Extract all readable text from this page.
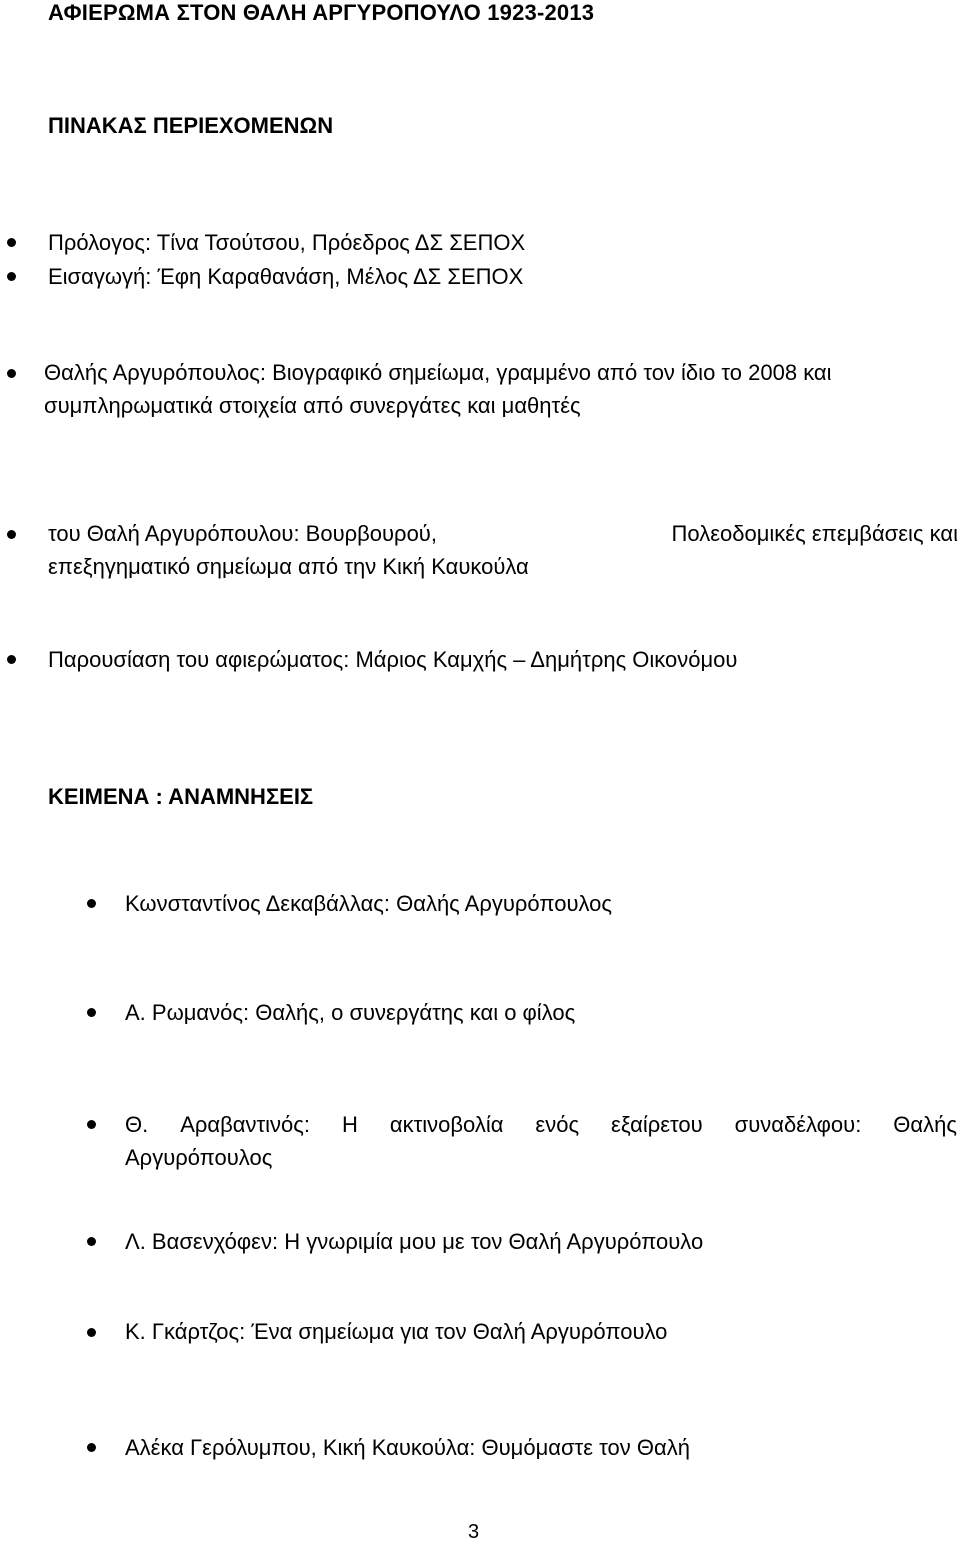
ΑΦΙΕΡΩΜΑ ΣΤΟΝ ΘΑΛΗ ΑΡΓΥΡΟΠΟΥΛΟ 1923-2013
ΠΙΝΑΚΑΣ ΠΕΡΙΕΧΟΜΕΝΩΝ
Πρόλογος: Τίνα Τσούτσου, Πρόεδρος ΔΣ ΣΕΠΟΧ
Εισαγωγή: Έφη Καραθανάση, Μέλος ΔΣ ΣΕΠΟΧ
Θαλής Αργυρόπουλος: Βιογραφικό σημείωμα, γραμμένο από τον ίδιο το 2008 και
συμπληρωματικά στοιχεία από συνεργάτες και μαθητές
του Θαλή Αργυρόπουλου: Βουρβουρού,	Πολεοδομικές επεμβάσεις και
επεξηγηματικό σημείωμα από την Κική Καυκούλα
Παρουσίαση του αφιερώματος: Μάριος Καμχής – Δημήτρης Οικονόμου
ΚΕΙΜΕΝΑ : ΑΝΑΜΝΗΣΕΙΣ
Κωνσταντίνος Δεκαβάλλας: Θαλής Αργυρόπουλος
Α. Ρωμανός: Θαλής, ο συνεργάτης και ο φίλος
Θ. Αραβαντινός: Η ακτινοβολία ενός εξαίρετου συναδέλφου: Θαλής
Αργυρόπουλος
Λ. Βασενχόφεν: Η γνωριμία μου με τον Θαλή Αργυρόπουλο
Κ. Γκάρτζος: Ένα σημείωμα για τον Θαλή Αργυρόπουλο
Αλέκα Γερόλυμπου, Κική Καυκούλα: Θυμόμαστε τον Θαλή
3
